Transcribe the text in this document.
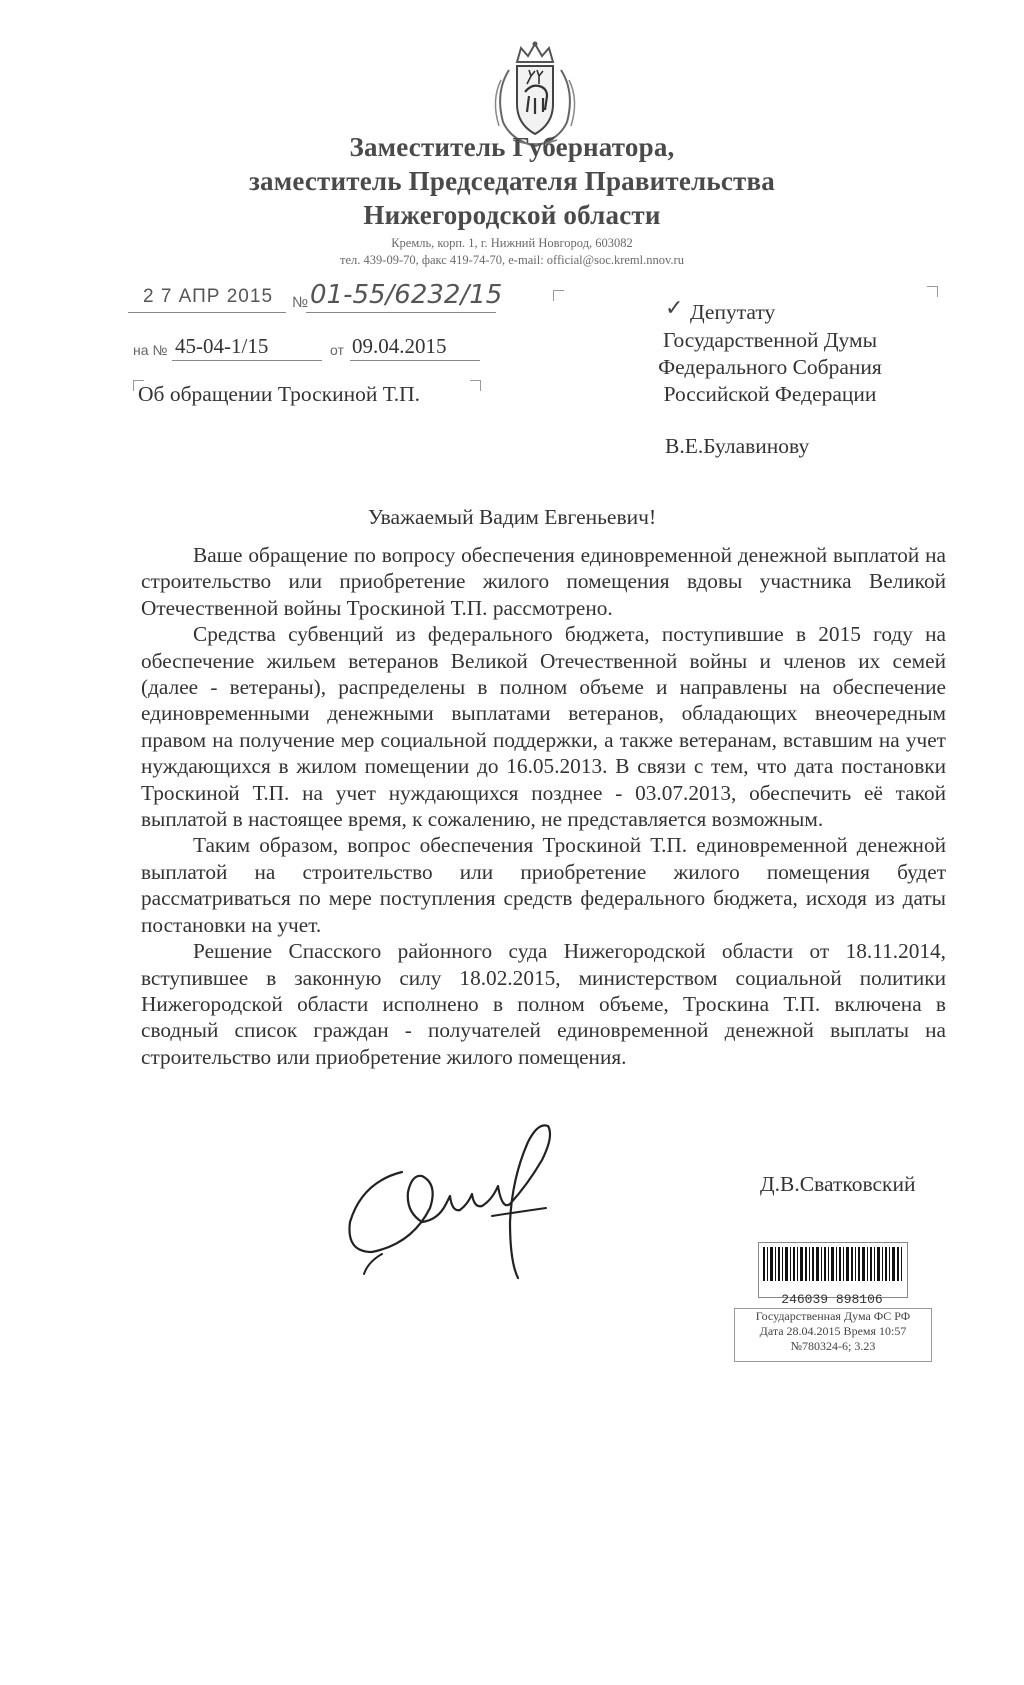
Заместитель Губернатора,
заместитель Председателя Правительства
Нижегородской области
Кремль, корп. 1, г. Нижний Новгород, 603082
тел. 439-09-70, факс 419-74-70, e-mail: official@soc.kreml.nnov.ru
2 7 АПР 2015	№ 01-55/6232/15
на № 45-04-1/15	от 09.04.2015
Об обращении Троскиной Т.П.
✓ Депутату
Государственной Думы
Федерального Собрания
Российской Федерации
В.Е.Булавинову
Уважаемый Вадим Евгеньевич!

Ваше обращение по вопросу обеспечения единовременной денежной выплатой на строительство или приобретение жилого помещения вдовы участника Великой Отечественной войны Троскиной Т.П. рассмотрено.

Средства субвенций из федерального бюджета, поступившие в 2015 году на обеспечение жильем ветеранов Великой Отечественной войны и членов их семей (далее - ветераны), распределены в полном объеме и направлены на обеспечение единовременными денежными выплатами ветеранов, обладающих внеочередным правом на получение мер социальной поддержки, а также ветеранам, вставшим на учет нуждающихся в жилом помещении до 16.05.2013. В связи с тем, что дата постановки Троскиной Т.П. на учет нуждающихся позднее - 03.07.2013, обеспечить её такой выплатой в настоящее время, к сожалению, не представляется возможным.

Таким образом, вопрос обеспечения Троскиной Т.П. единовременной денежной выплатой на строительство или приобретение жилого помещения будет рассматриваться по мере поступления средств федерального бюджета, исходя из даты постановки на учет.

Решение Спасского районного суда Нижегородской области от 18.11.2014, вступившее в законную силу 18.02.2015, министерством социальной политики Нижегородской области исполнено в полном объеме, Троскина Т.П. включена в сводный список граждан - получателей единовременной денежной выплаты на строительство или приобретение жилого помещения.

Д.В.Сватковский
246039 898106
Государственная Дума ФС РФ
Дата 28.04.2015 Время 10:57
№780324-6; 3.23
